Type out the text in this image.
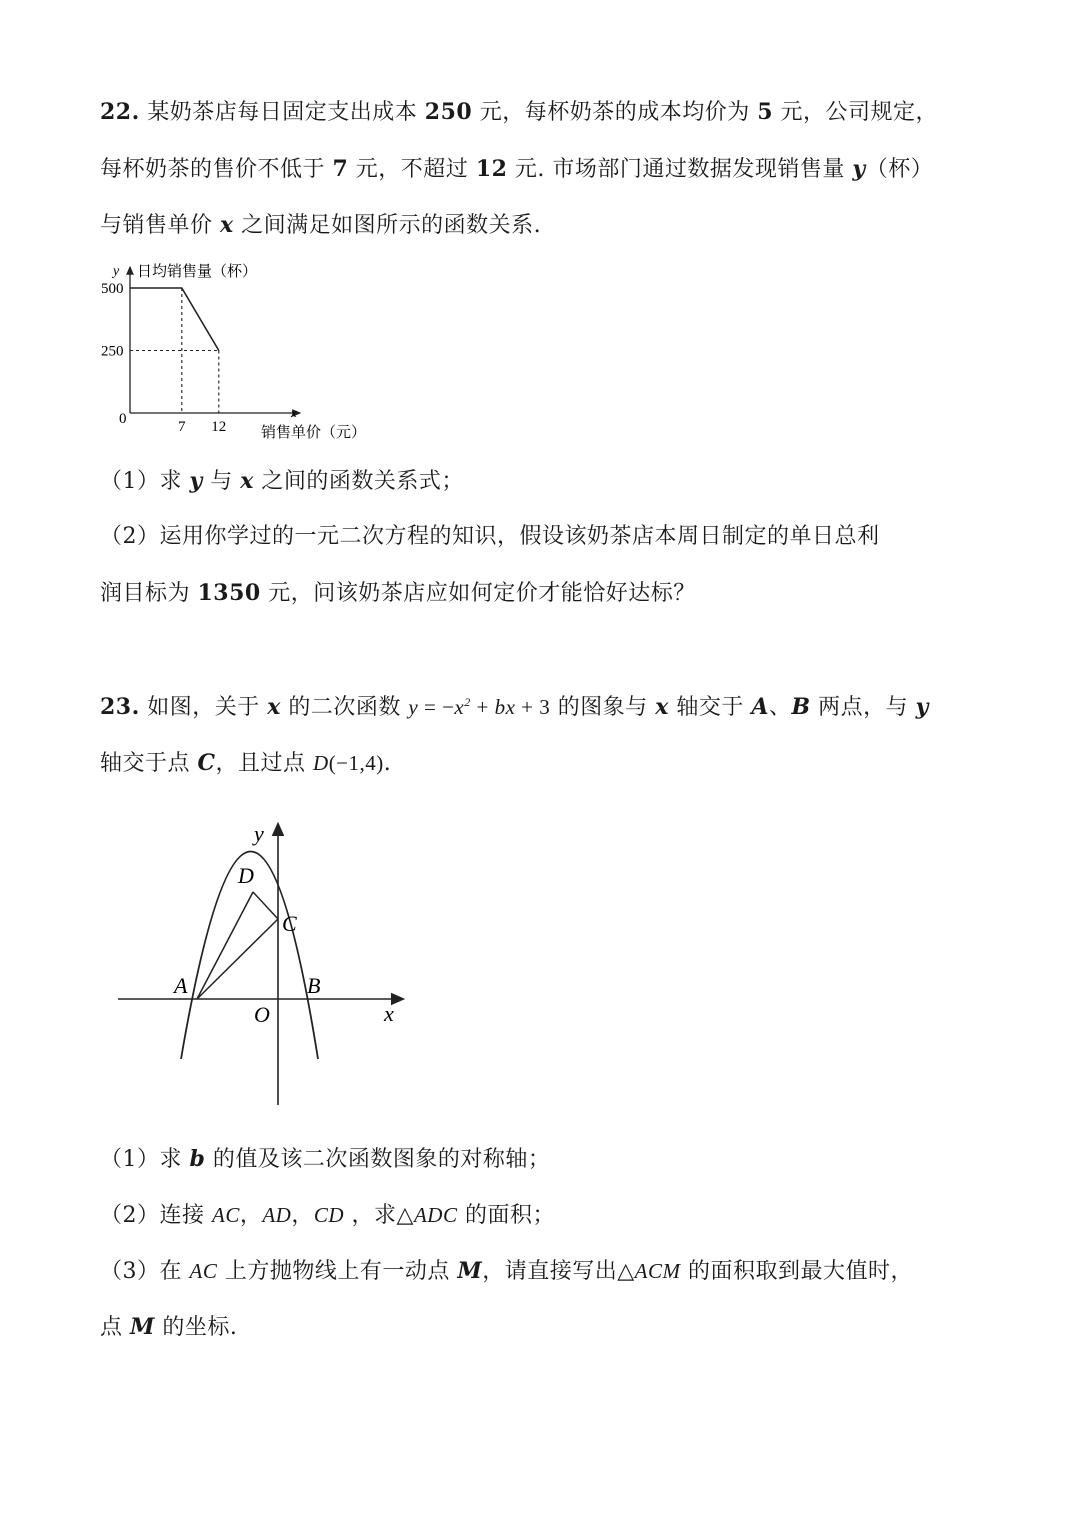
22. 某奶茶店每日固定支出成本 250 元，每杯奶茶的成本均价为 5 元，公司规定，
每杯奶茶的售价不低于 7 元，不超过 12 元. 市场部门通过数据发现销售量 y（杯）
与销售单价 x 之间满足如图所示的函数关系.
y 日均销售量（杯）
x
销售单价（元）
0
500
250
7 12
（1）求 y 与 x 之间的函数关系式；
（2）运用你学过的一元二次方程的知识，假设该奶茶店本周日制定的单日总利
润目标为 1350 元，问该奶茶店应如何定价才能恰好达标？
23. 如图，关于 x 的二次函数 $y = -x^2$ + bx + 3 的图象与 x 轴交于 A、B 两点，与 y
轴交于点 C，且过点 D(−1,4).
y
x
O
A	B
C
D
（1）求 b 的值及该二次函数图象的对称轴；
（2）连接 AC，AD，CD ，求△ADC 的面积；
（3）在 AC 上方抛物线上有一动点 M，请直接写出△ACM 的面积取到最大值时，
点 M 的坐标.
